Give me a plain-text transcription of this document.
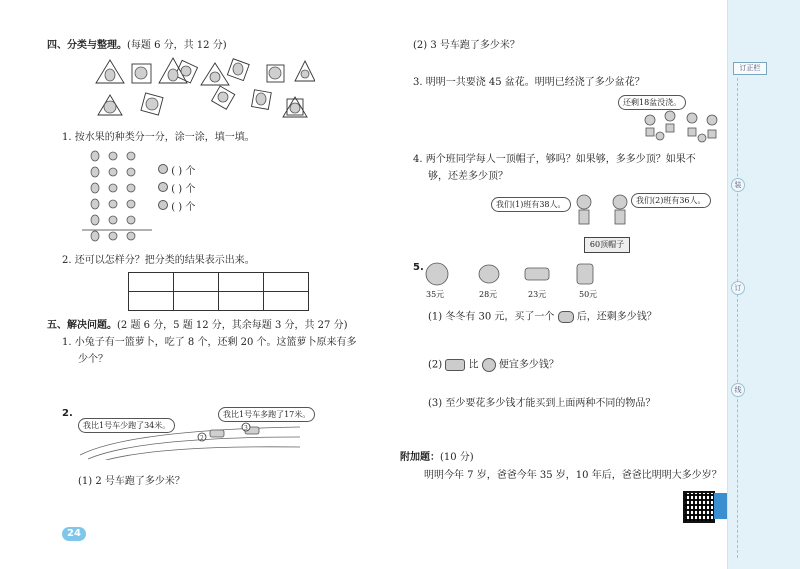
四、分类与整理。(每题 6 分，共 12 分)
1. 按水果的种类分一分，涂一涂，填一填。
( ) 个
( ) 个
( ) 个
2. 还可以怎样分？把分类的结果表示出来。

五、解决问题。(2 题 6 分，5 题 12 分，其余每题 3 分，共 27 分)
1. 小兔子有一篮萝卜，吃了 8 个，还剩 20 个。这篮萝卜原来有多
少个？
2.
2
3
我比1号车少跑了34米。
我比1号车多跑了17米。
(1) 2 号车跑了多少米？
24
(2) 3 号车跑了多少米？
3. 明明一共要浇 45 盆花。明明已经浇了多少盆花？
还剩18盆没浇。
4. 两个班同学每人一顶帽子，够吗？如果够，多多少顶？如果不
够，还差多少顶？
我们(1)班有38人。	我们(2)班有36人。
60顶帽子
5.
35元	28元	23元	50元
(1) 冬冬有 30 元，买了一个 后，还剩多少钱？
(2)	比 便宜多少钱？
(3) 至少要花多少钱才能买到上面两种不同的物品？
附加题：(10 分)
明明今年 7 岁，爸爸今年 35 岁，10 年后，爸爸比明明大多少岁？
订正栏
装
订
线
